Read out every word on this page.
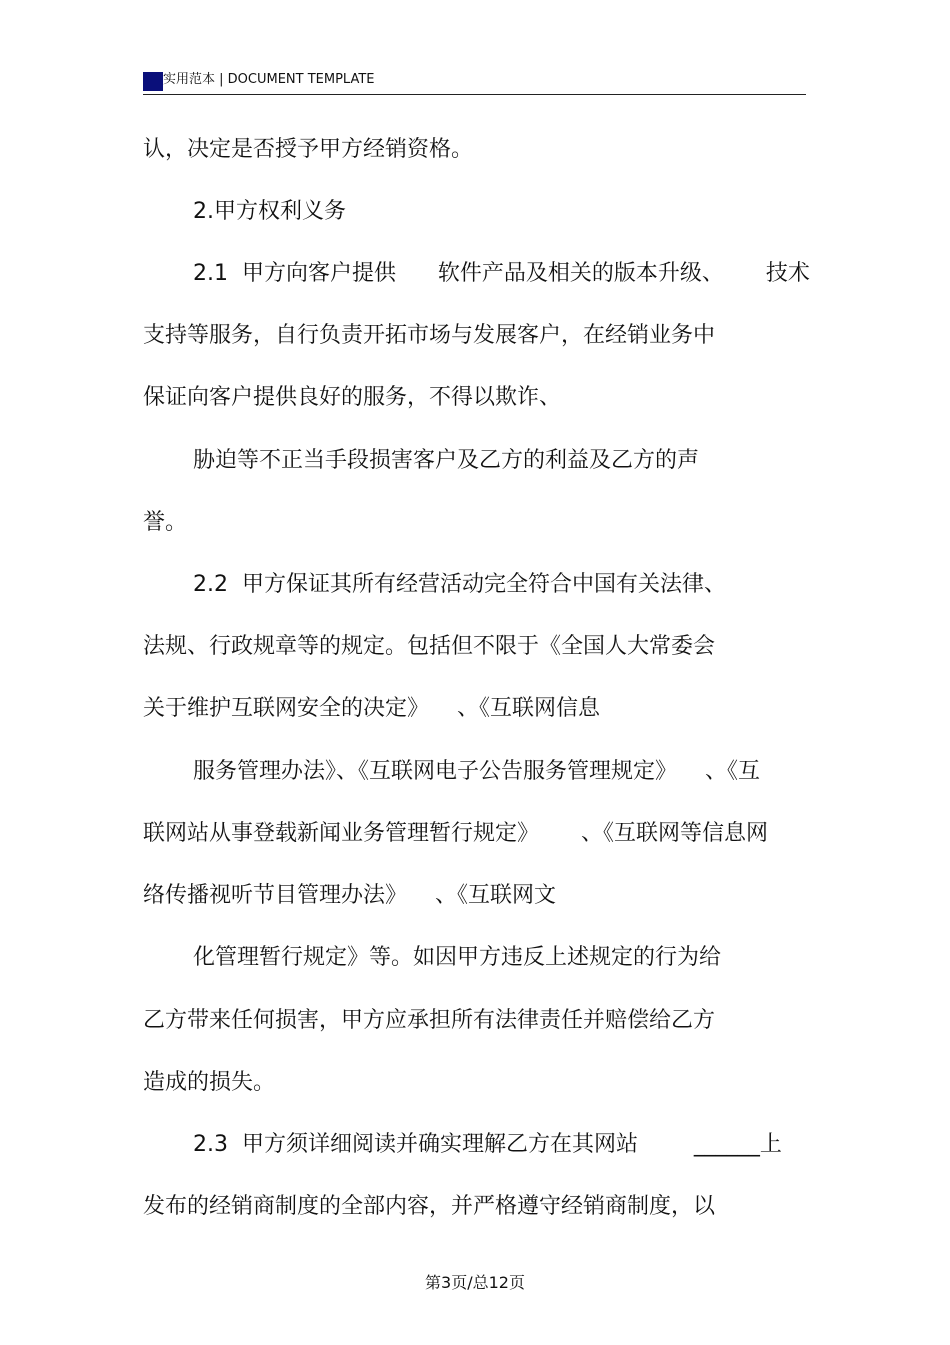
实用范本 | DOCUMENT TEMPLATE
认，决定是否授予甲方经销资格。
2.甲方权利义务
2.1  甲方向客户提供      软件产品及相关的版本升级、      技术
支持等服务，自行负责开拓市场与发展客户，在经销业务中
保证向客户提供良好的服务，不得以欺诈、
胁迫等不正当手段损害客户及乙方的利益及乙方的声
誉。
2.2  甲方保证其所有经营活动完全符合中国有关法律、
法规、行政规章等的规定。包括但不限于《全国人大常委会
关于维护互联网安全的决定》    、《互联网信息
服务管理办法》、《互联网电子公告服务管理规定》    、《互
联网站从事登载新闻业务管理暂行规定》      、《互联网等信息网
络传播视听节目管理办法》    、《互联网文
化管理暂行规定》等。如因甲方违反上述规定的行为给
乙方带来任何损害，甲方应承担所有法律责任并赔偿给乙方
造成的损失。
2.3  甲方须详细阅读并确实理解乙方在其网站        ______上
发布的经销商制度的全部内容，并严格遵守经销商制度，以
第3页/总12页
